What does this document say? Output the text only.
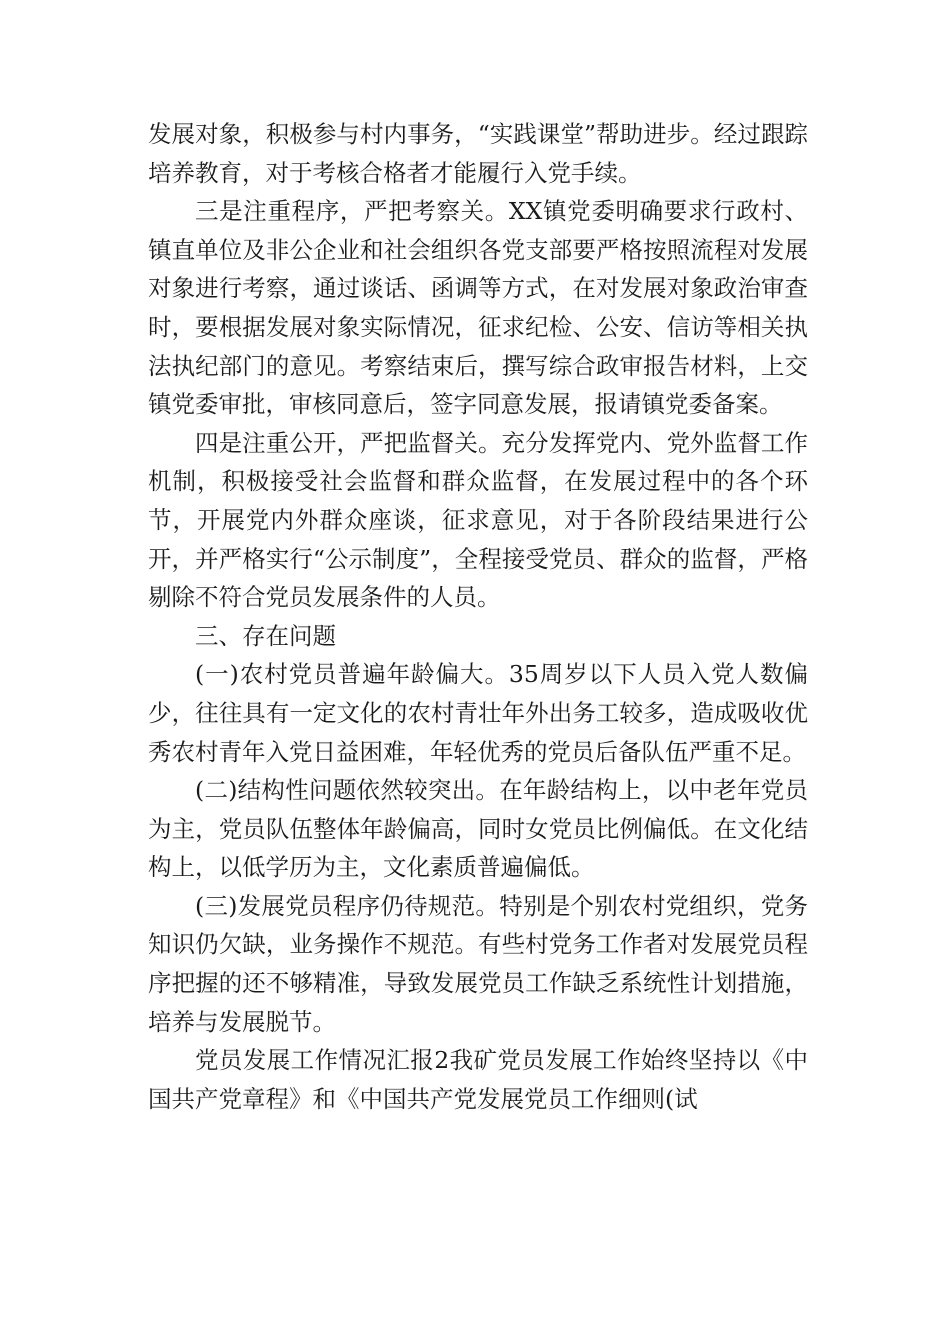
发展对象，积极参与村内事务，“实践课堂”帮助进步。经过跟踪培养教育，对于考核合格者才能履行入党手续。

三是注重程序，严把考察关。XX镇党委明确要求行政村、镇直单位及非公企业和社会组织各党支部要严格按照流程对发展对象进行考察，通过谈话、函调等方式，在对发展对象政治审查时，要根据发展对象实际情况，征求纪检、公安、信访等相关执法执纪部门的意见。考察结束后，撰写综合政审报告材料，上交镇党委审批，审核同意后，签字同意发展，报请镇党委备案。

四是注重公开，严把监督关。充分发挥党内、党外监督工作机制，积极接受社会监督和群众监督，在发展过程中的各个环节，开展党内外群众座谈，征求意见，对于各阶段结果进行公开，并严格实行“公示制度”，全程接受党员、群众的监督，严格剔除不符合党员发展条件的人员。

三、存在问题

(一)农村党员普遍年龄偏大。35周岁以下人员入党人数偏少，往往具有一定文化的农村青壮年外出务工较多，造成吸收优秀农村青年入党日益困难，年轻优秀的党员后备队伍严重不足。

(二)结构性问题依然较突出。在年龄结构上，以中老年党员为主，党员队伍整体年龄偏高，同时女党员比例偏低。在文化结构上，以低学历为主，文化素质普遍偏低。

(三)发展党员程序仍待规范。特别是个别农村党组织，党务知识仍欠缺，业务操作不规范。有些村党务工作者对发展党员程序把握的还不够精准，导致发展党员工作缺乏系统性计划措施，培养与发展脱节。

党员发展工作情况汇报2我矿党员发展工作始终坚持以《中国共产党章程》和《中国共产党发展党员工作细则(试
